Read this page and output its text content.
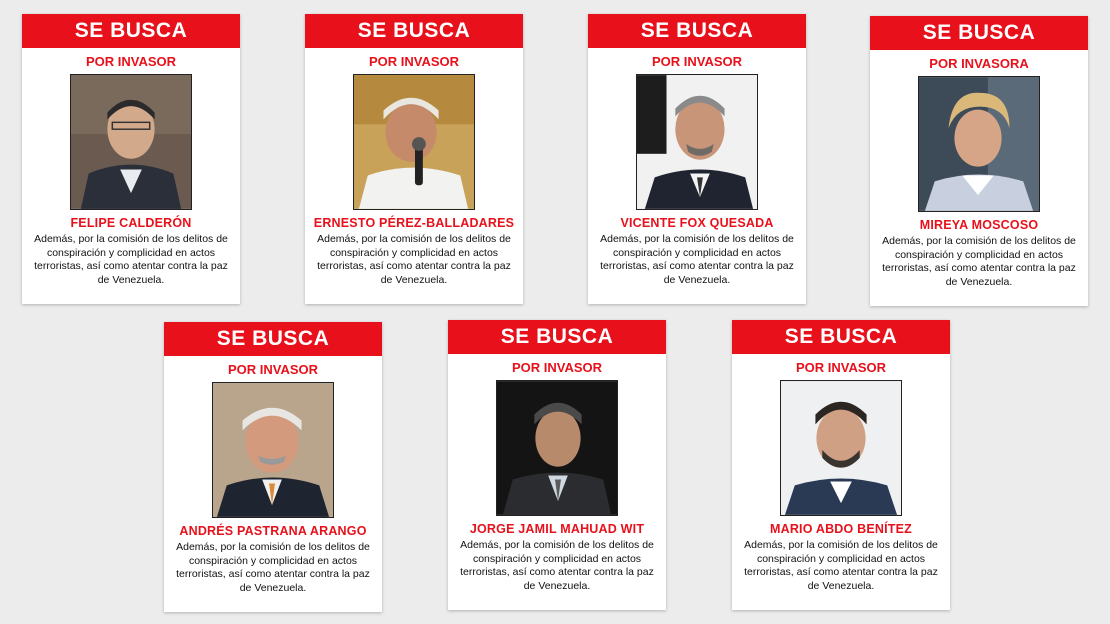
SE BUSCA
POR INVASOR
FELIPE CALDERÓN
Además, por la comisión de los delitos de conspiración y complicidad en actos terroristas, así como atentar contra la paz de Venezuela.
SE BUSCA
POR INVASOR
ERNESTO PÉREZ-BALLADARES
Además, por la comisión de los delitos de conspiración y complicidad en actos terroristas, así como atentar contra la paz de Venezuela.
SE BUSCA
POR INVASOR
VICENTE FOX QUESADA
Además, por la comisión de los delitos de conspiración y complicidad en actos terroristas, así como atentar contra la paz de Venezuela.
SE BUSCA
POR INVASORA
MIREYA MOSCOSO
Además, por la comisión de los delitos de conspiración y complicidad en actos terroristas, así como atentar contra la paz de Venezuela.
SE BUSCA
POR INVASOR
ANDRÉS PASTRANA ARANGO
Además, por la comisión de los delitos de conspiración y complicidad en actos terroristas, así como atentar contra la paz de Venezuela.
SE BUSCA
POR INVASOR
JORGE JAMIL MAHUAD WIT
Además, por la comisión de los delitos de conspiración y complicidad en actos terroristas, así como atentar contra la paz de Venezuela.
SE BUSCA
POR INVASOR
MARIO ABDO BENÍTEZ
Además, por la comisión de los delitos de conspiración y complicidad en actos terroristas, así como atentar contra la paz de Venezuela.
